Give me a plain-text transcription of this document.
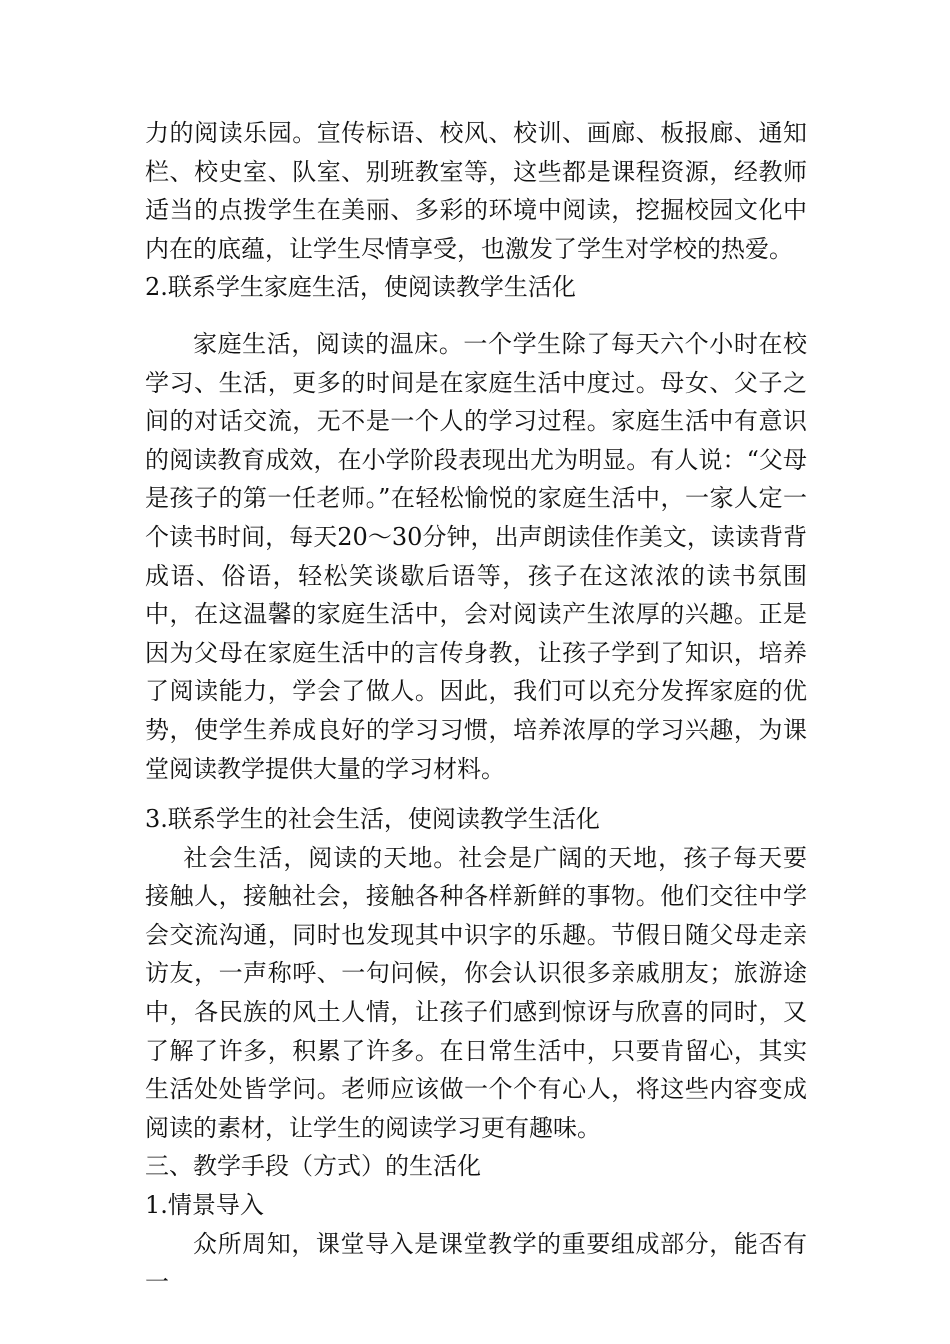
力的阅读乐园。宣传标语、校风、校训、画廊、板报廊、通知栏、校史室、队室、别班教室等，这些都是课程资源，经教师适当的点拨学生在美丽、多彩的环境中阅读，挖掘校园文化中内在的底蕴，让学生尽情享受，也激发了学生对学校的热爱。

2.联系学生家庭生活，使阅读教学生活化

家庭生活，阅读的温床。一个学生除了每天六个小时在校学习、生活，更多的时间是在家庭生活中度过。母女、父子之间的对话交流，无不是一个人的学习过程。家庭生活中有意识的阅读教育成效，在小学阶段表现出尤为明显。有人说：“父母是孩子的第一任老师。”在轻松愉悦的家庭生活中，一家人定一个读书时间，每天20～30分钟，出声朗读佳作美文，读读背背成语、俗语，轻松笑谈歇后语等，孩子在这浓浓的读书氛围中，在这温馨的家庭生活中，会对阅读产生浓厚的兴趣。正是因为父母在家庭生活中的言传身教，让孩子学到了知识，培养了阅读能力，学会了做人。因此，我们可以充分发挥家庭的优势，使学生养成良好的学习习惯，培养浓厚的学习兴趣，为课堂阅读教学提供大量的学习材料。

3.联系学生的社会生活，使阅读教学生活化

社会生活，阅读的天地。社会是广阔的天地，孩子每天要接触人，接触社会，接触各种各样新鲜的事物。他们交往中学会交流沟通，同时也发现其中识字的乐趣。节假日随父母走亲访友，一声称呼、一句问候，你会认识很多亲戚朋友；旅游途中，各民族的风土人情，让孩子们感到惊讶与欣喜的同时，又了解了许多，积累了许多。在日常生活中，只要肯留心，其实生活处处皆学问。老师应该做一个个有心人，将这些内容变成阅读的素材，让学生的阅读学习更有趣味。

三、教学手段（方式）的生活化

1.情景导入

众所周知，课堂导入是课堂教学的重要组成部分，能否有一
